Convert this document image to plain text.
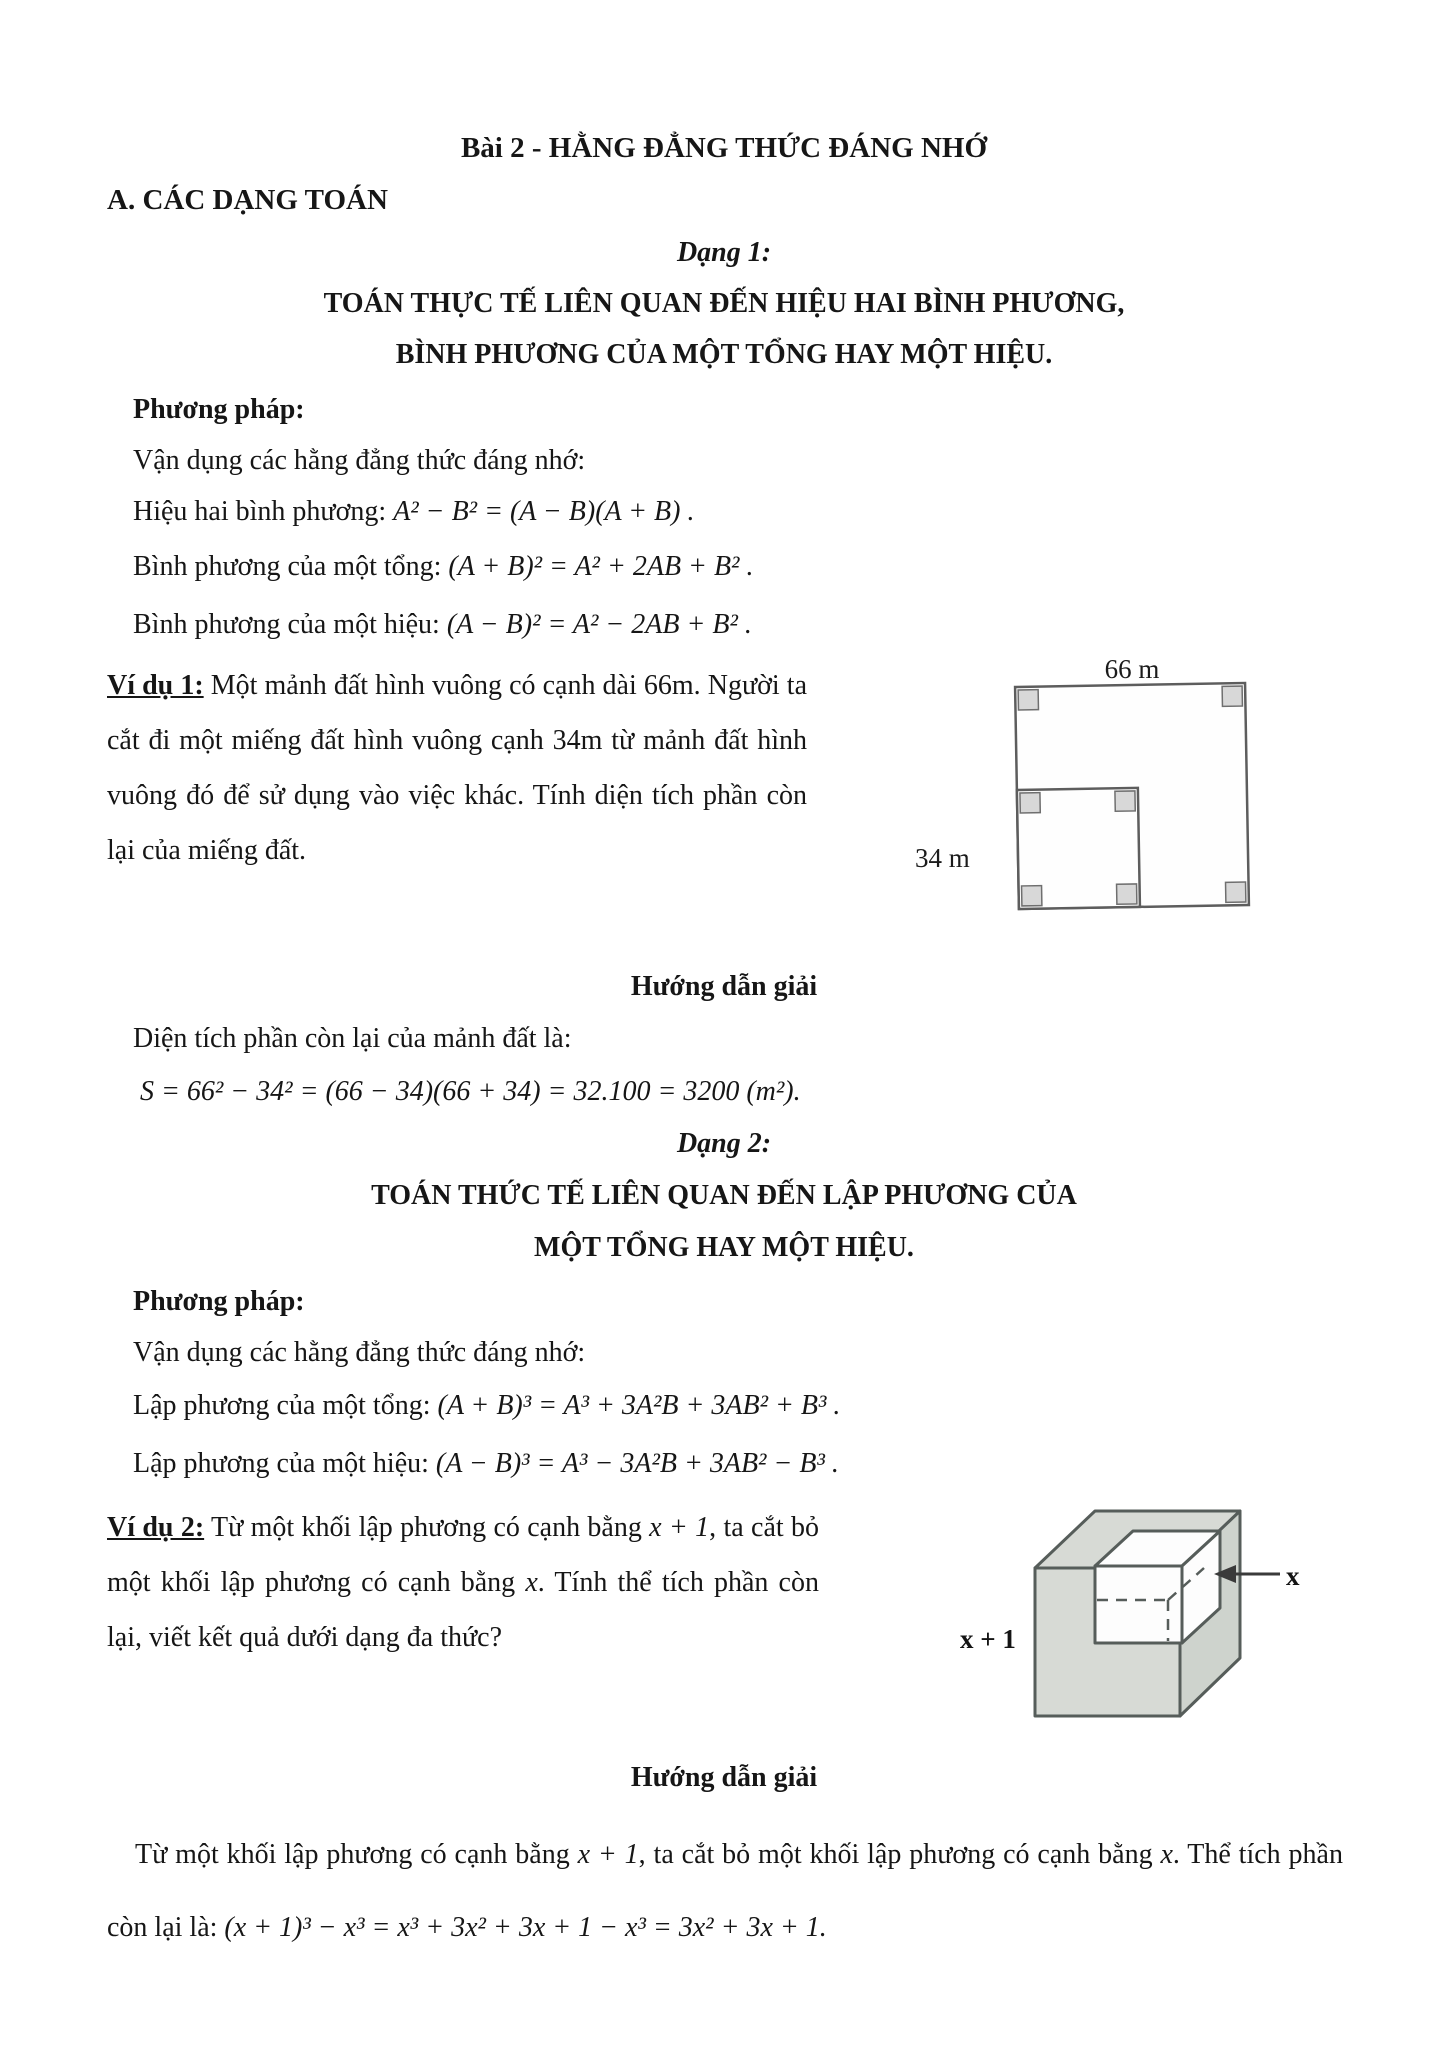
Bài 2 - HẰNG ĐẲNG THỨC ĐÁNG NHỚ
A. CÁC DẠNG TOÁN
Dạng 1:
TOÁN THỰC TẾ LIÊN QUAN ĐẾN HIỆU HAI BÌNH PHƯƠNG,
BÌNH PHƯƠNG CỦA MỘT TỔNG HAY MỘT HIỆU.
Phương pháp:
Vận dụng các hằng đẳng thức đáng nhớ:
Hiệu hai bình phương: A² − B² = (A − B)(A + B) .
Bình phương của một tổng: (A + B)² = A² + 2AB + B² .
Bình phương của một hiệu: (A − B)² = A² − 2AB + B² .
Ví dụ 1: Một mảnh đất hình vuông có cạnh dài 66m. Người ta cắt đi một miếng đất hình vuông cạnh 34m từ mảnh đất hình vuông đó để sử dụng vào việc khác. Tính diện tích phần còn lại của miếng đất.
66 m
34 m
Hướng dẫn giải
Diện tích phần còn lại của mảnh đất là:
S = 66² − 34² = (66 − 34)(66 + 34) = 32.100 = 3200 (m²).
Dạng 2:
TOÁN THỨC TẾ LIÊN QUAN ĐẾN LẬP PHƯƠNG CỦA
MỘT TỔNG HAY MỘT HIỆU.
Phương pháp:
Vận dụng các hằng đẳng thức đáng nhớ:
Lập phương của một tổng: (A + B)³ = A³ + 3A²B + 3AB² + B³ .
Lập phương của một hiệu: (A − B)³ = A³ − 3A²B + 3AB² − B³ .
Ví dụ 2: Từ một khối lập phương có cạnh bằng x + 1, ta cắt bỏ một khối lập phương có cạnh bằng x. Tính thể tích phần còn lại, viết kết quả dưới dạng đa thức?
x
x + 1
Hướng dẫn giải
Từ một khối lập phương có cạnh bằng x + 1, ta cắt bỏ một khối lập phương có cạnh bằng x. Thể tích phần còn lại là: (x + 1)³ − x³ = x³ + 3x² + 3x + 1 − x³ = 3x² + 3x + 1.
